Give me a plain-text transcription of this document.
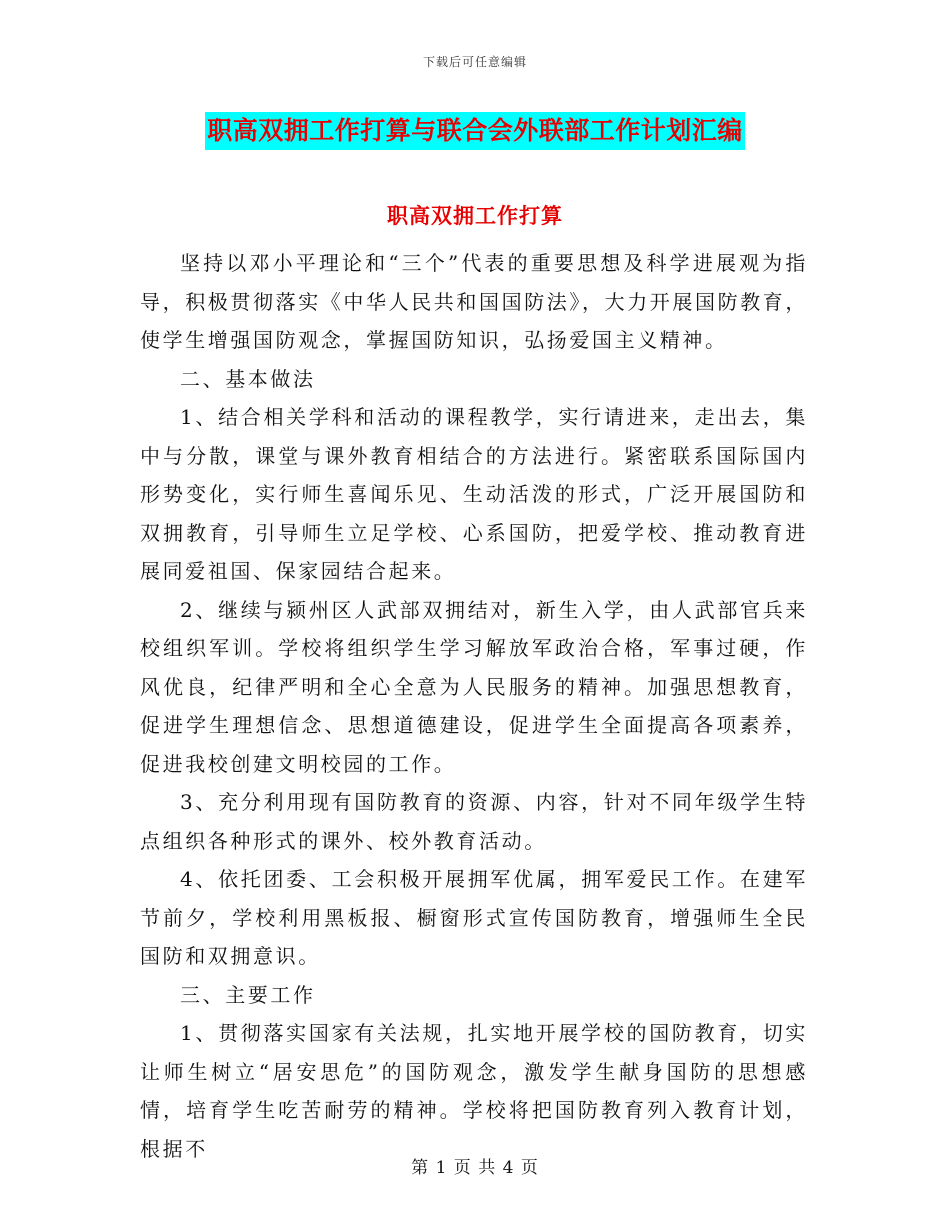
下载后可任意编辑
职高双拥工作打算与联合会外联部工作计划汇编
职高双拥工作打算

坚持以邓小平理论和“三个”代表的重要思想及科学进展观为指导，积极贯彻落实《中华人民共和国国防法》，大力开展国防教育，使学生增强国防观念，掌握国防知识，弘扬爱国主义精神。

二、基本做法

1、结合相关学科和活动的课程教学，实行请进来，走出去，集中与分散，课堂与课外教育相结合的方法进行。紧密联系国际国内形势变化，实行师生喜闻乐见、生动活泼的形式，广泛开展国防和双拥教育，引导师生立足学校、心系国防，把爱学校、推动教育进展同爱祖国、保家园结合起来。

2、继续与颍州区人武部双拥结对，新生入学，由人武部官兵来校组织军训。学校将组织学生学习解放军政治合格，军事过硬，作风优良，纪律严明和全心全意为人民服务的精神。加强思想教育，促进学生理想信念、思想道德建设，促进学生全面提高各项素养，促进我校创建文明校园的工作。

3、充分利用现有国防教育的资源、内容，针对不同年级学生特点组织各种形式的课外、校外教育活动。

4、依托团委、工会积极开展拥军优属，拥军爱民工作。在建军节前夕，学校利用黑板报、橱窗形式宣传国防教育，增强师生全民国防和双拥意识。

三、主要工作

1、贯彻落实国家有关法规，扎实地开展学校的国防教育，切实让师生树立“居安思危”的国防观念，激发学生献身国防的思想感情，培育学生吃苦耐劳的精神。学校将把国防教育列入教育计划，根据不

第 1 页 共 4 页
